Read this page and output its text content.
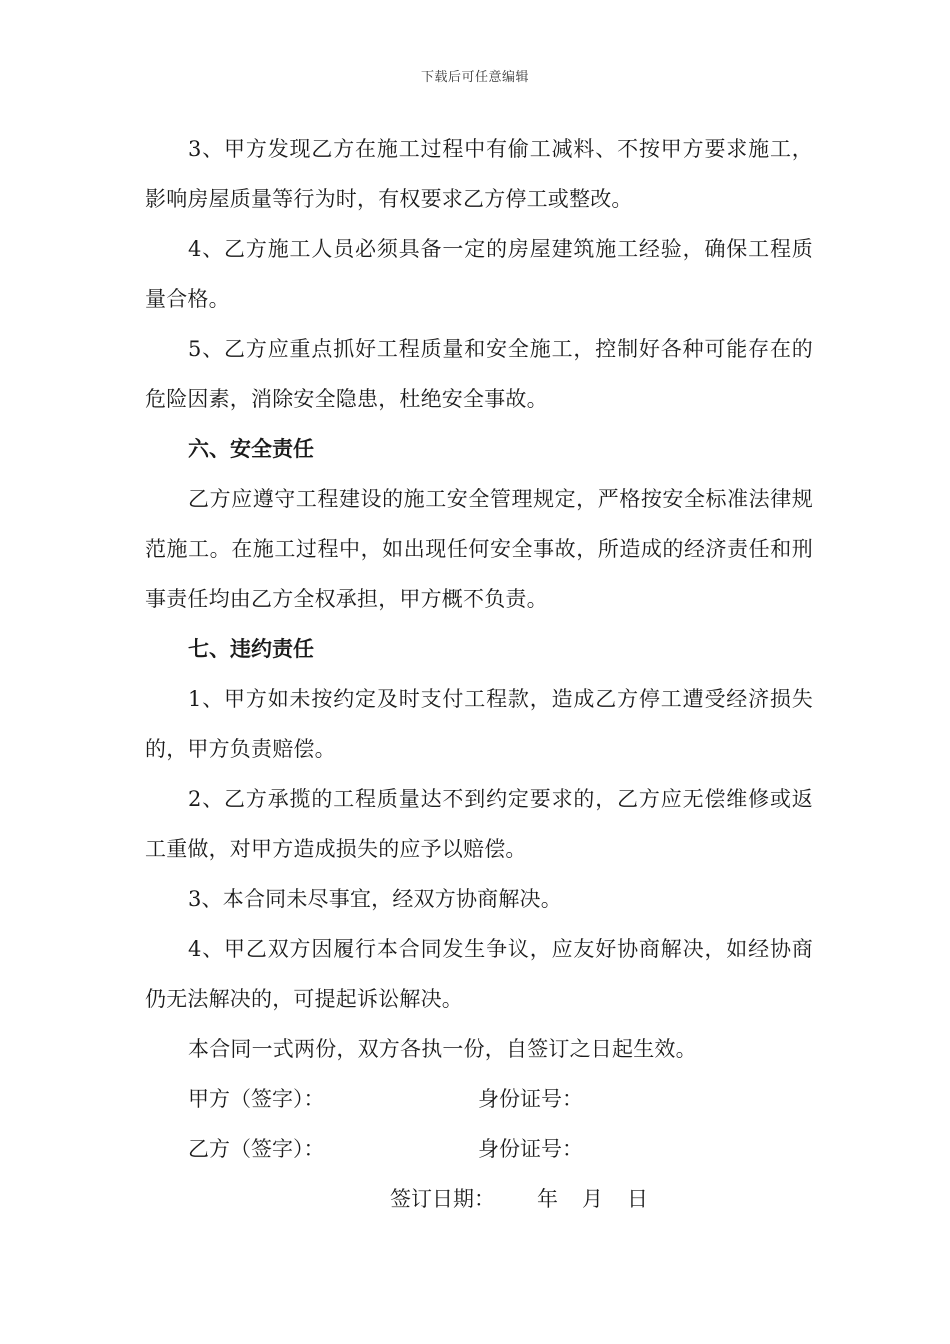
下载后可任意编辑

3、甲方发现乙方在施工过程中有偷工减料、不按甲方要求施工，影响房屋质量等行为时，有权要求乙方停工或整改。

4、乙方施工人员必须具备一定的房屋建筑施工经验，确保工程质量合格。

5、乙方应重点抓好工程质量和安全施工，控制好各种可能存在的危险因素，消除安全隐患，杜绝安全事故。

六、安全责任

乙方应遵守工程建设的施工安全管理规定，严格按安全标准法律规范施工。在施工过程中，如出现任何安全事故，所造成的经济责任和刑事责任均由乙方全权承担，甲方概不负责。

七、违约责任

1、甲方如未按约定及时支付工程款，造成乙方停工遭受经济损失的，甲方负责赔偿。

2、乙方承揽的工程质量达不到约定要求的，乙方应无偿维修或返工重做，对甲方造成损失的应予以赔偿。

3、本合同未尽事宜，经双方协商解决。

4、甲乙双方因履行本合同发生争议，应友好协商解决，如经协商仍无法解决的，可提起诉讼解决。

本合同一式两份，双方各执一份，自签订之日起生效。

甲方（签字）：	身份证号：
乙方（签字）：	身份证号：
签订日期： 年 月 日
